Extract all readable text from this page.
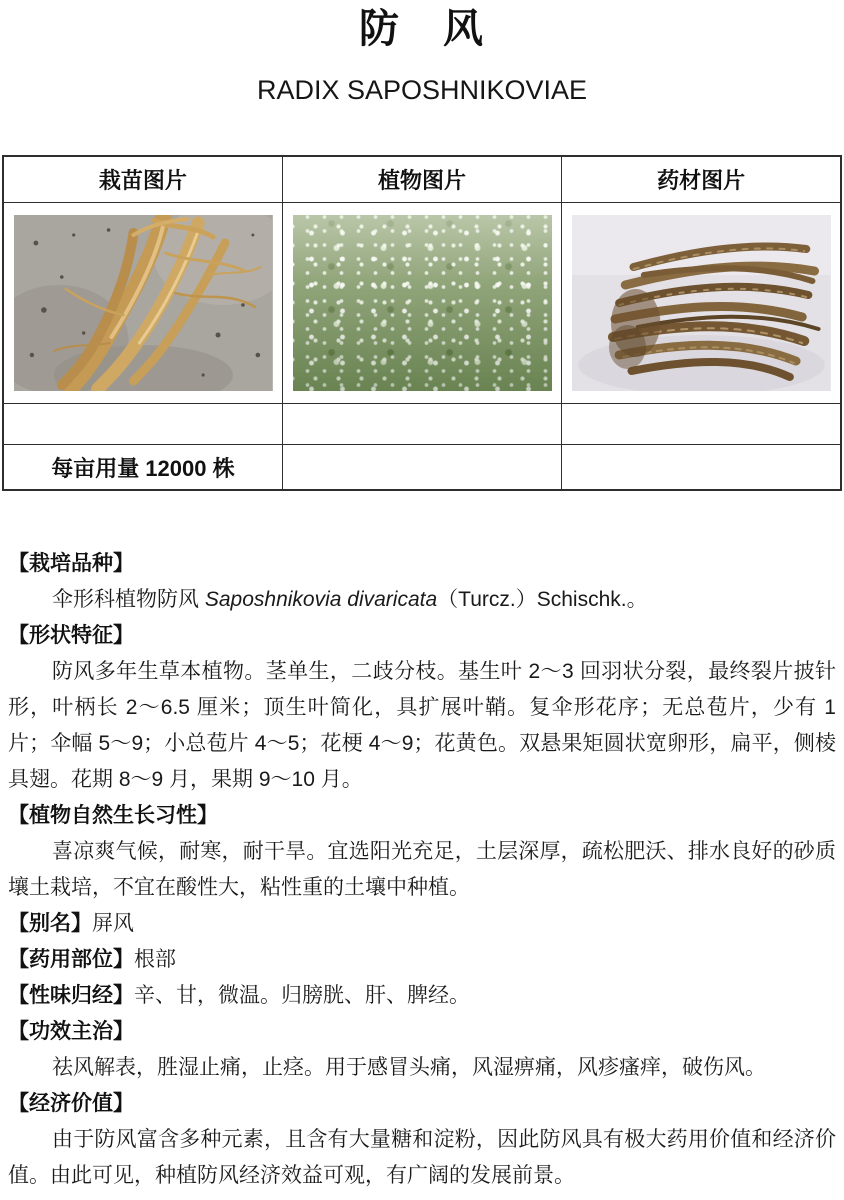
防　风
RADIX SAPOSHNIKOVIAE
栽苗图片	植物图片	药材图片

每亩用量 12000 株		
【栽培品种】
伞形科植物防风 Saposhnikovia divaricata（Turcz.）Schischk.。
【形状特征】
防风多年生草本植物。茎单生，二歧分枝。基生叶 2～3 回羽状分裂，最终裂片披针形，叶柄长 2～6.5 厘米；顶生叶简化，具扩展叶鞘。复伞形花序；无总苞片，少有 1 片；伞幅 5～9；小总苞片 4～5；花梗 4～9；花黄色。双悬果矩圆状宽卵形，扁平，侧棱具翅。花期 8～9 月，果期 9～10 月。
【植物自然生长习性】
喜凉爽气候，耐寒，耐干旱。宜选阳光充足，土层深厚，疏松肥沃、排水良好的砂质壤土栽培，不宜在酸性大，粘性重的土壤中种植。
【别名】屏风
【药用部位】根部
【性味归经】辛、甘，微温。归膀胱、肝、脾经。
【功效主治】
祛风解表，胜湿止痛，止痉。用于感冒头痛，风湿痹痛，风疹瘙痒，破伤风。
【经济价值】
由于防风富含多种元素，且含有大量糖和淀粉，因此防风具有极大药用价值和经济价值。由此可见，种植防风经济效益可观，有广阔的发展前景。
